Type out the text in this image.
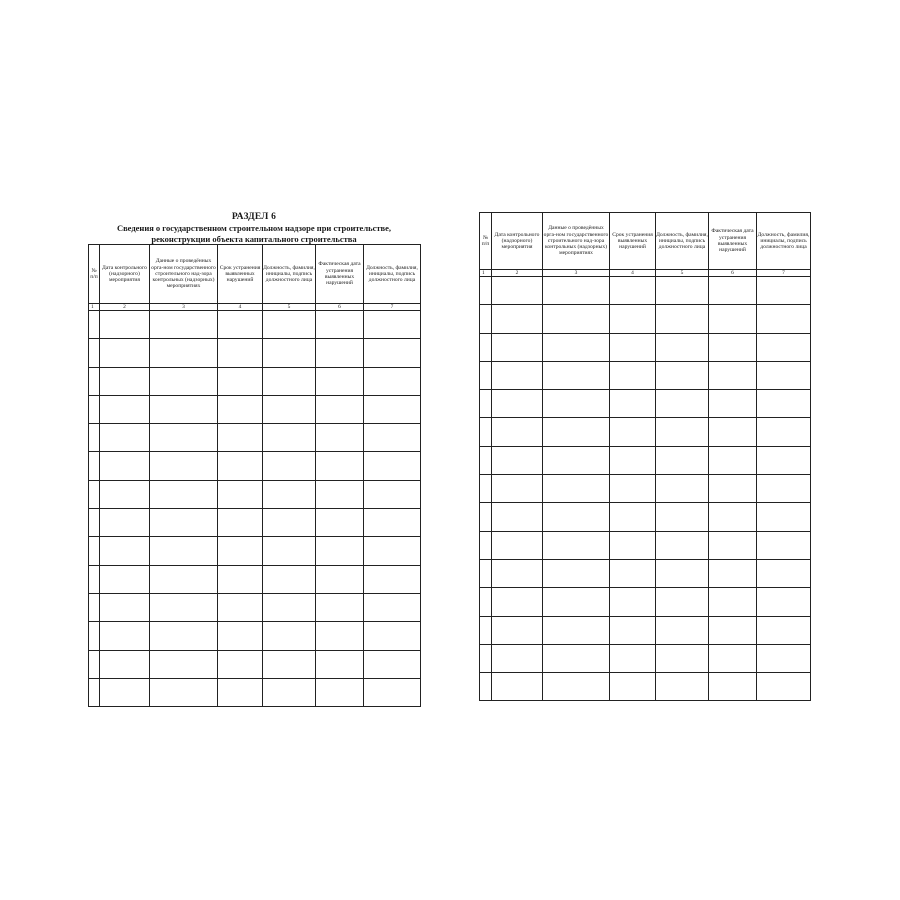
РАЗДЕЛ 6
Сведения о государственном строительном надзоре при строительстве,
реконструкции объекта капитального строительства
№ п/п	Дата контрольного (надзорного) мероприятия	Данные о проведённых орга-ном государственного строительного над-зора контрольных (надзорных) мероприятиях	Срок устранения выявленных нарушений	Должность, фамилия, инициалы, подпись должностного лица	Фактическая дата устранения выявленных нарушений	Должность, фамилия, инициалы, подпись должностного лица
1	2	3	4	5	6	7

№ п/п	Дата контрольного (надзорного) мероприятия	Данные о проведённых орга-ном государственного строительного над-зора контрольных (надзорных) мероприятиях	Срок устранения выявленных нарушений	Должность, фамилия, инициалы, подпись должностного лица	Фактическая дата устранения выявленных нарушений	Должность, фамилия, инициалы, подпись должностного лица
1	2	3	4	5	6	7
